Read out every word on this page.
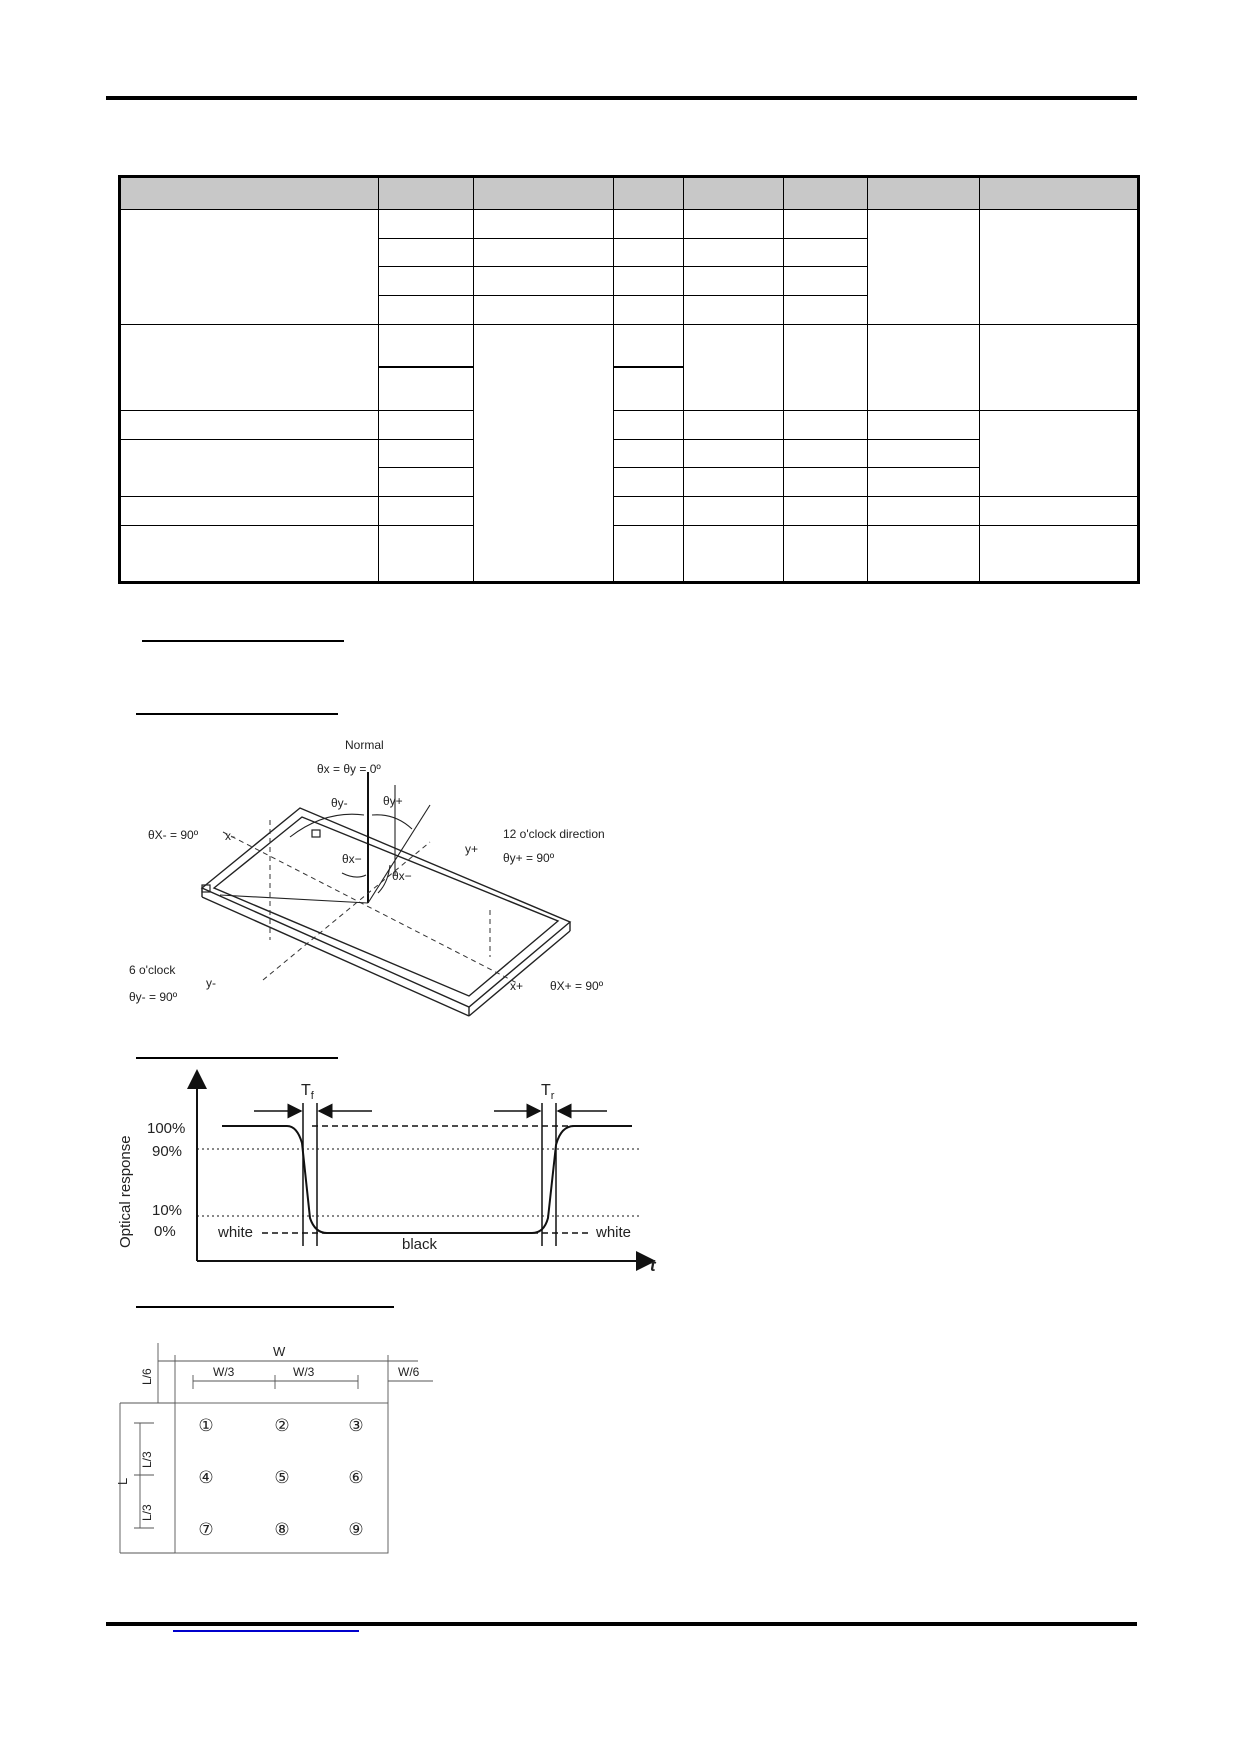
Normal
θx = θy = 0º
θy-	θy+
θX- = 90º x-
θx−
θx−
y+
12 o'clock direction
θy+ = 90º
6 o'clock
y-
θy- = 90º
x+ θX+ = 90º
$T_f$	$T_r$
100%
90%
10%
0%	white
black
white
t
Optical response
W
W/3	W/3	W/6
L
L/6
L/3
L/3
①	②	③
④	⑤	⑥
⑦	⑧	⑨
